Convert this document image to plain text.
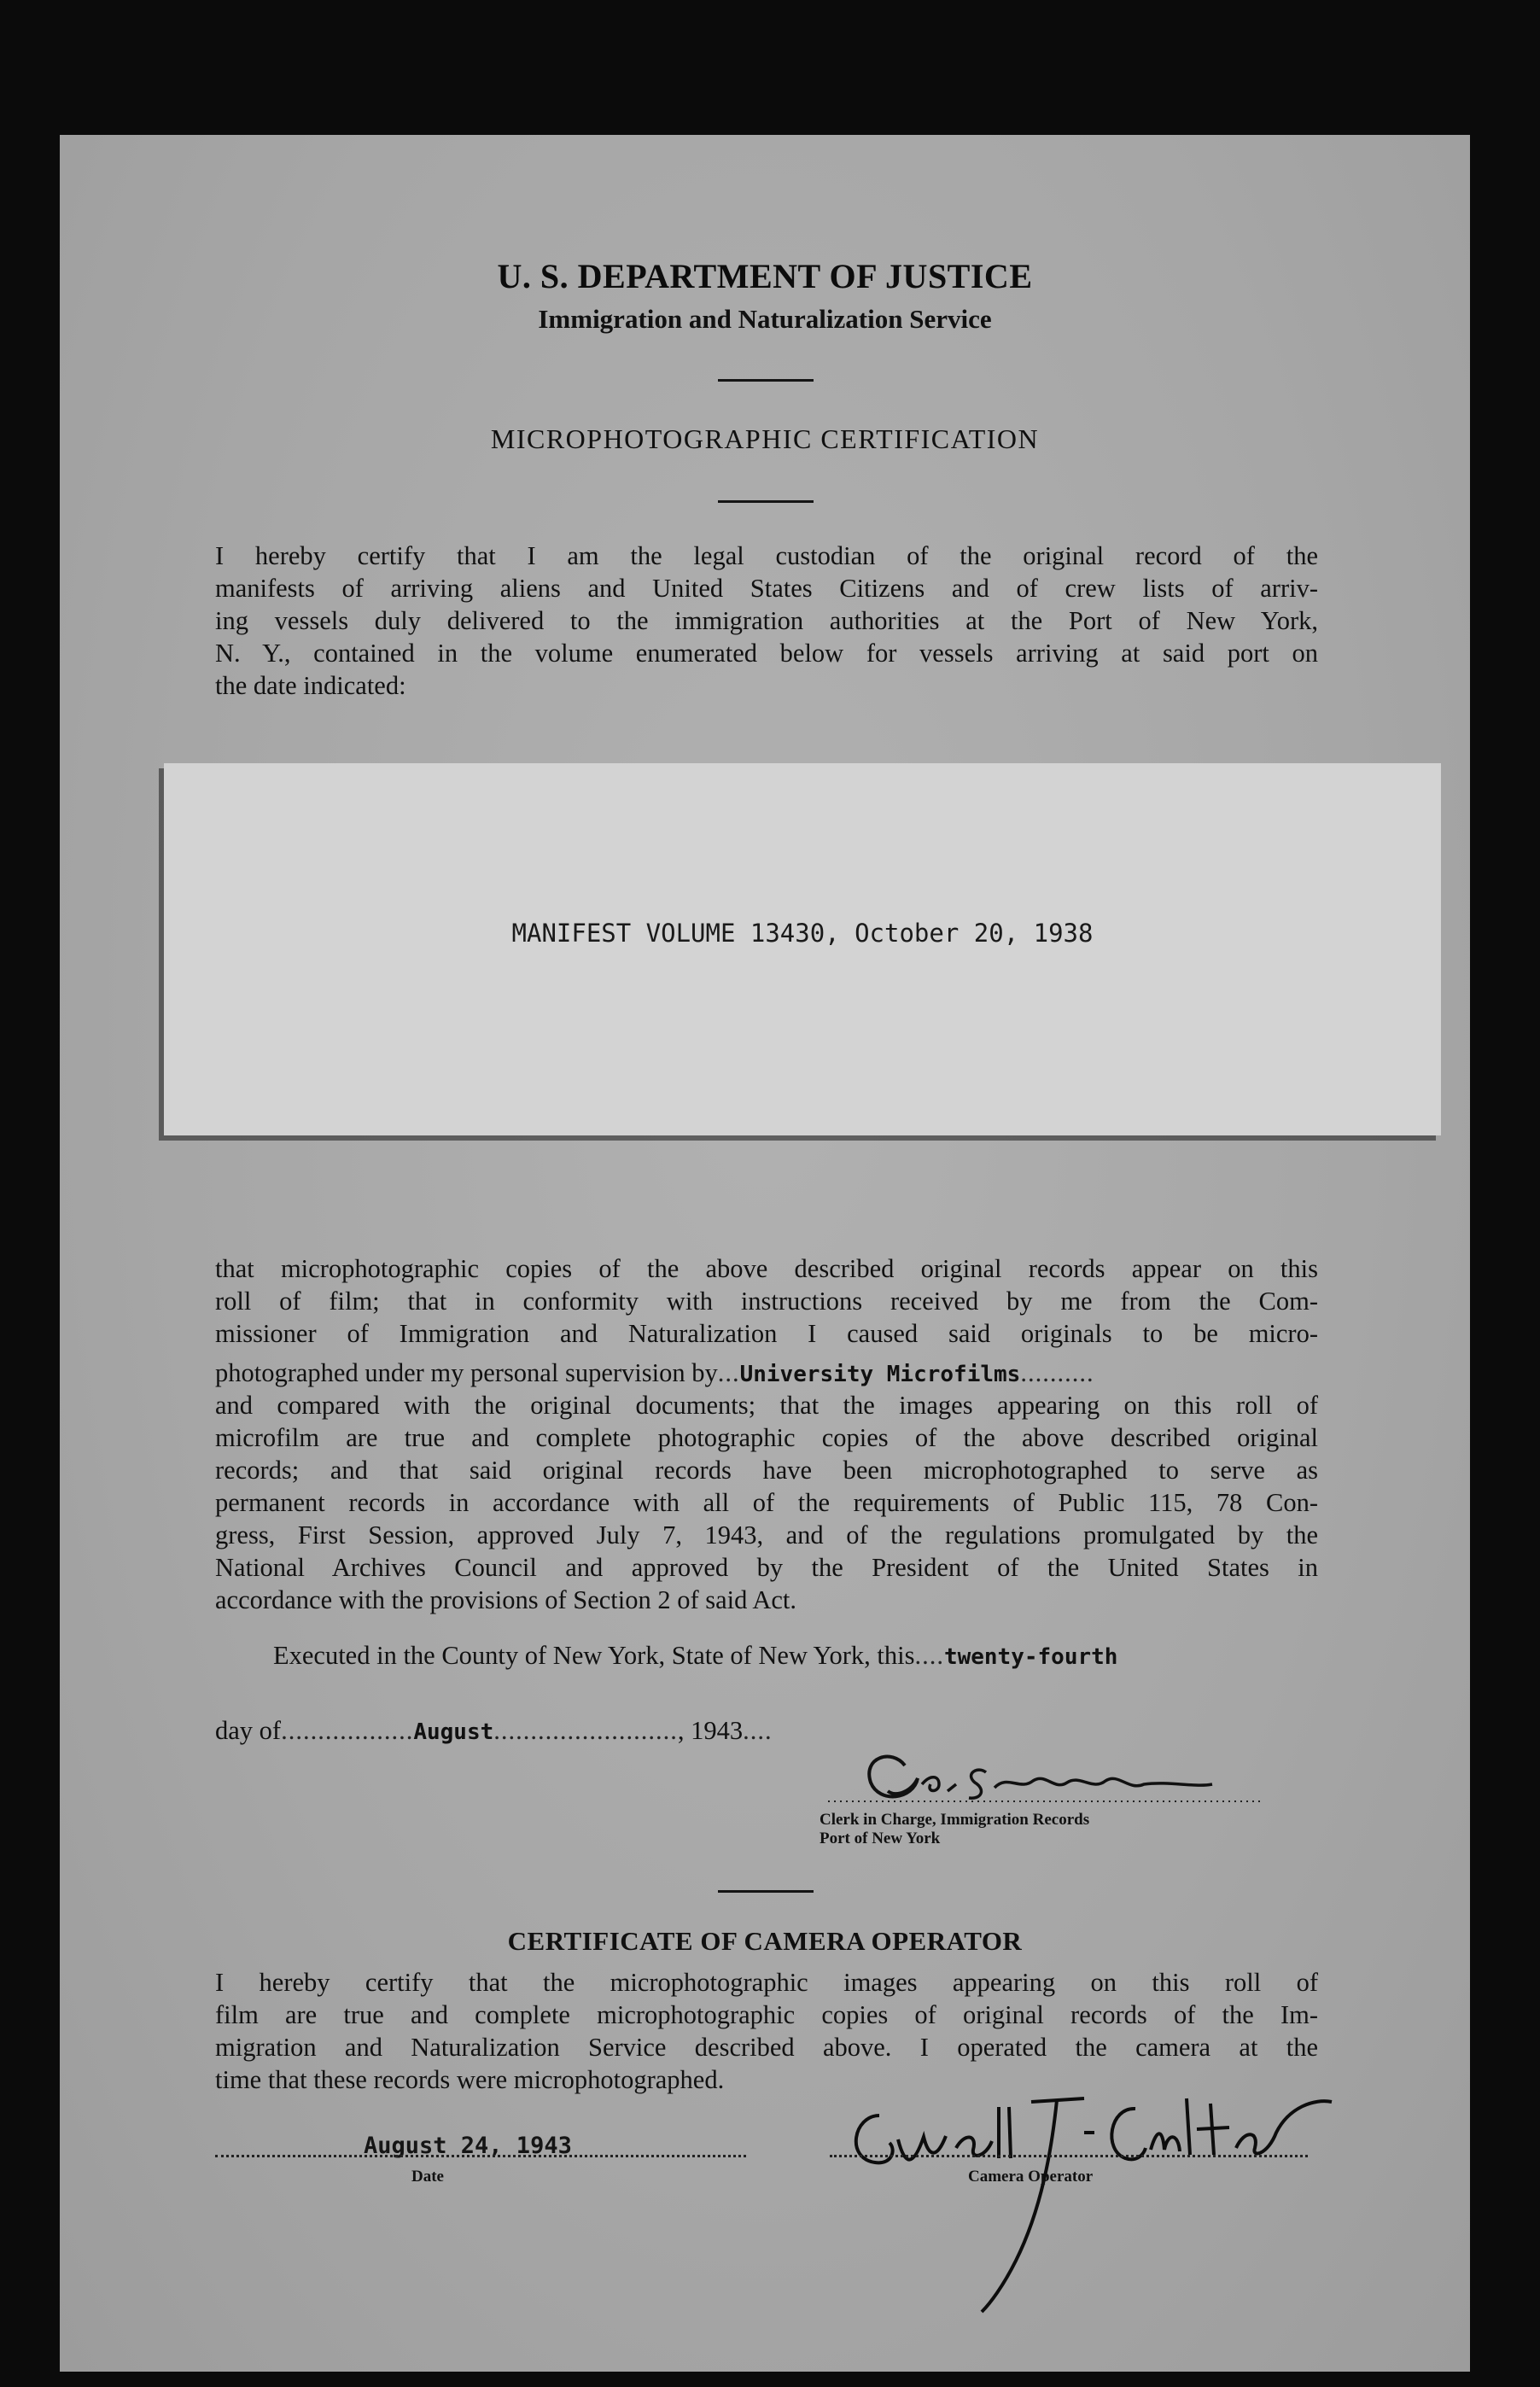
U. S. DEPARTMENT OF JUSTICE
Immigration and Naturalization Service
MICROPHOTOGRAPHIC CERTIFICATION
I hereby certify that I am the legal custodian of the original record of the
manifests of arriving aliens and United States Citizens and of crew lists of arriv-
ing vessels duly delivered to the immigration authorities at the Port of New York,
N. Y., contained in the volume enumerated below for vessels arriving at said port on
the date indicated:
MANIFEST VOLUME 13430, October 20, 1938
that microphotographic copies of the above described original records appear on this
roll of film; that in conformity with instructions received by me from the Com-
missioner of Immigration and Naturalization I caused said originals to be micro-
photographed under my personal supervision by...University Microfilms..........
and compared with the original documents; that the images appearing on this roll of
microfilm are true and complete photographic copies of the above described original
records; and that said original records have been microphotographed to serve as
permanent records in accordance with all of the requirements of Public 115, 78 Con-
gress, First Session, approved July 7, 1943, and of the regulations promulgated by the
National Archives Council and approved by the President of the United States in
accordance with the provisions of Section 2 of said Act.
Executed in the County of New York, State of New York, this....twenty-fourth
day of..................August........................., 1943....
Clerk in Charge, Immigration Records
Port of New York
CERTIFICATE OF CAMERA OPERATOR
I hereby certify that the microphotographic images appearing on this roll of
film are true and complete microphotographic copies of original records of the Im-
migration and Naturalization Service described above. I operated the camera at the
time that these records were microphotographed.
August 24, 1943
Date	Camera Operator
